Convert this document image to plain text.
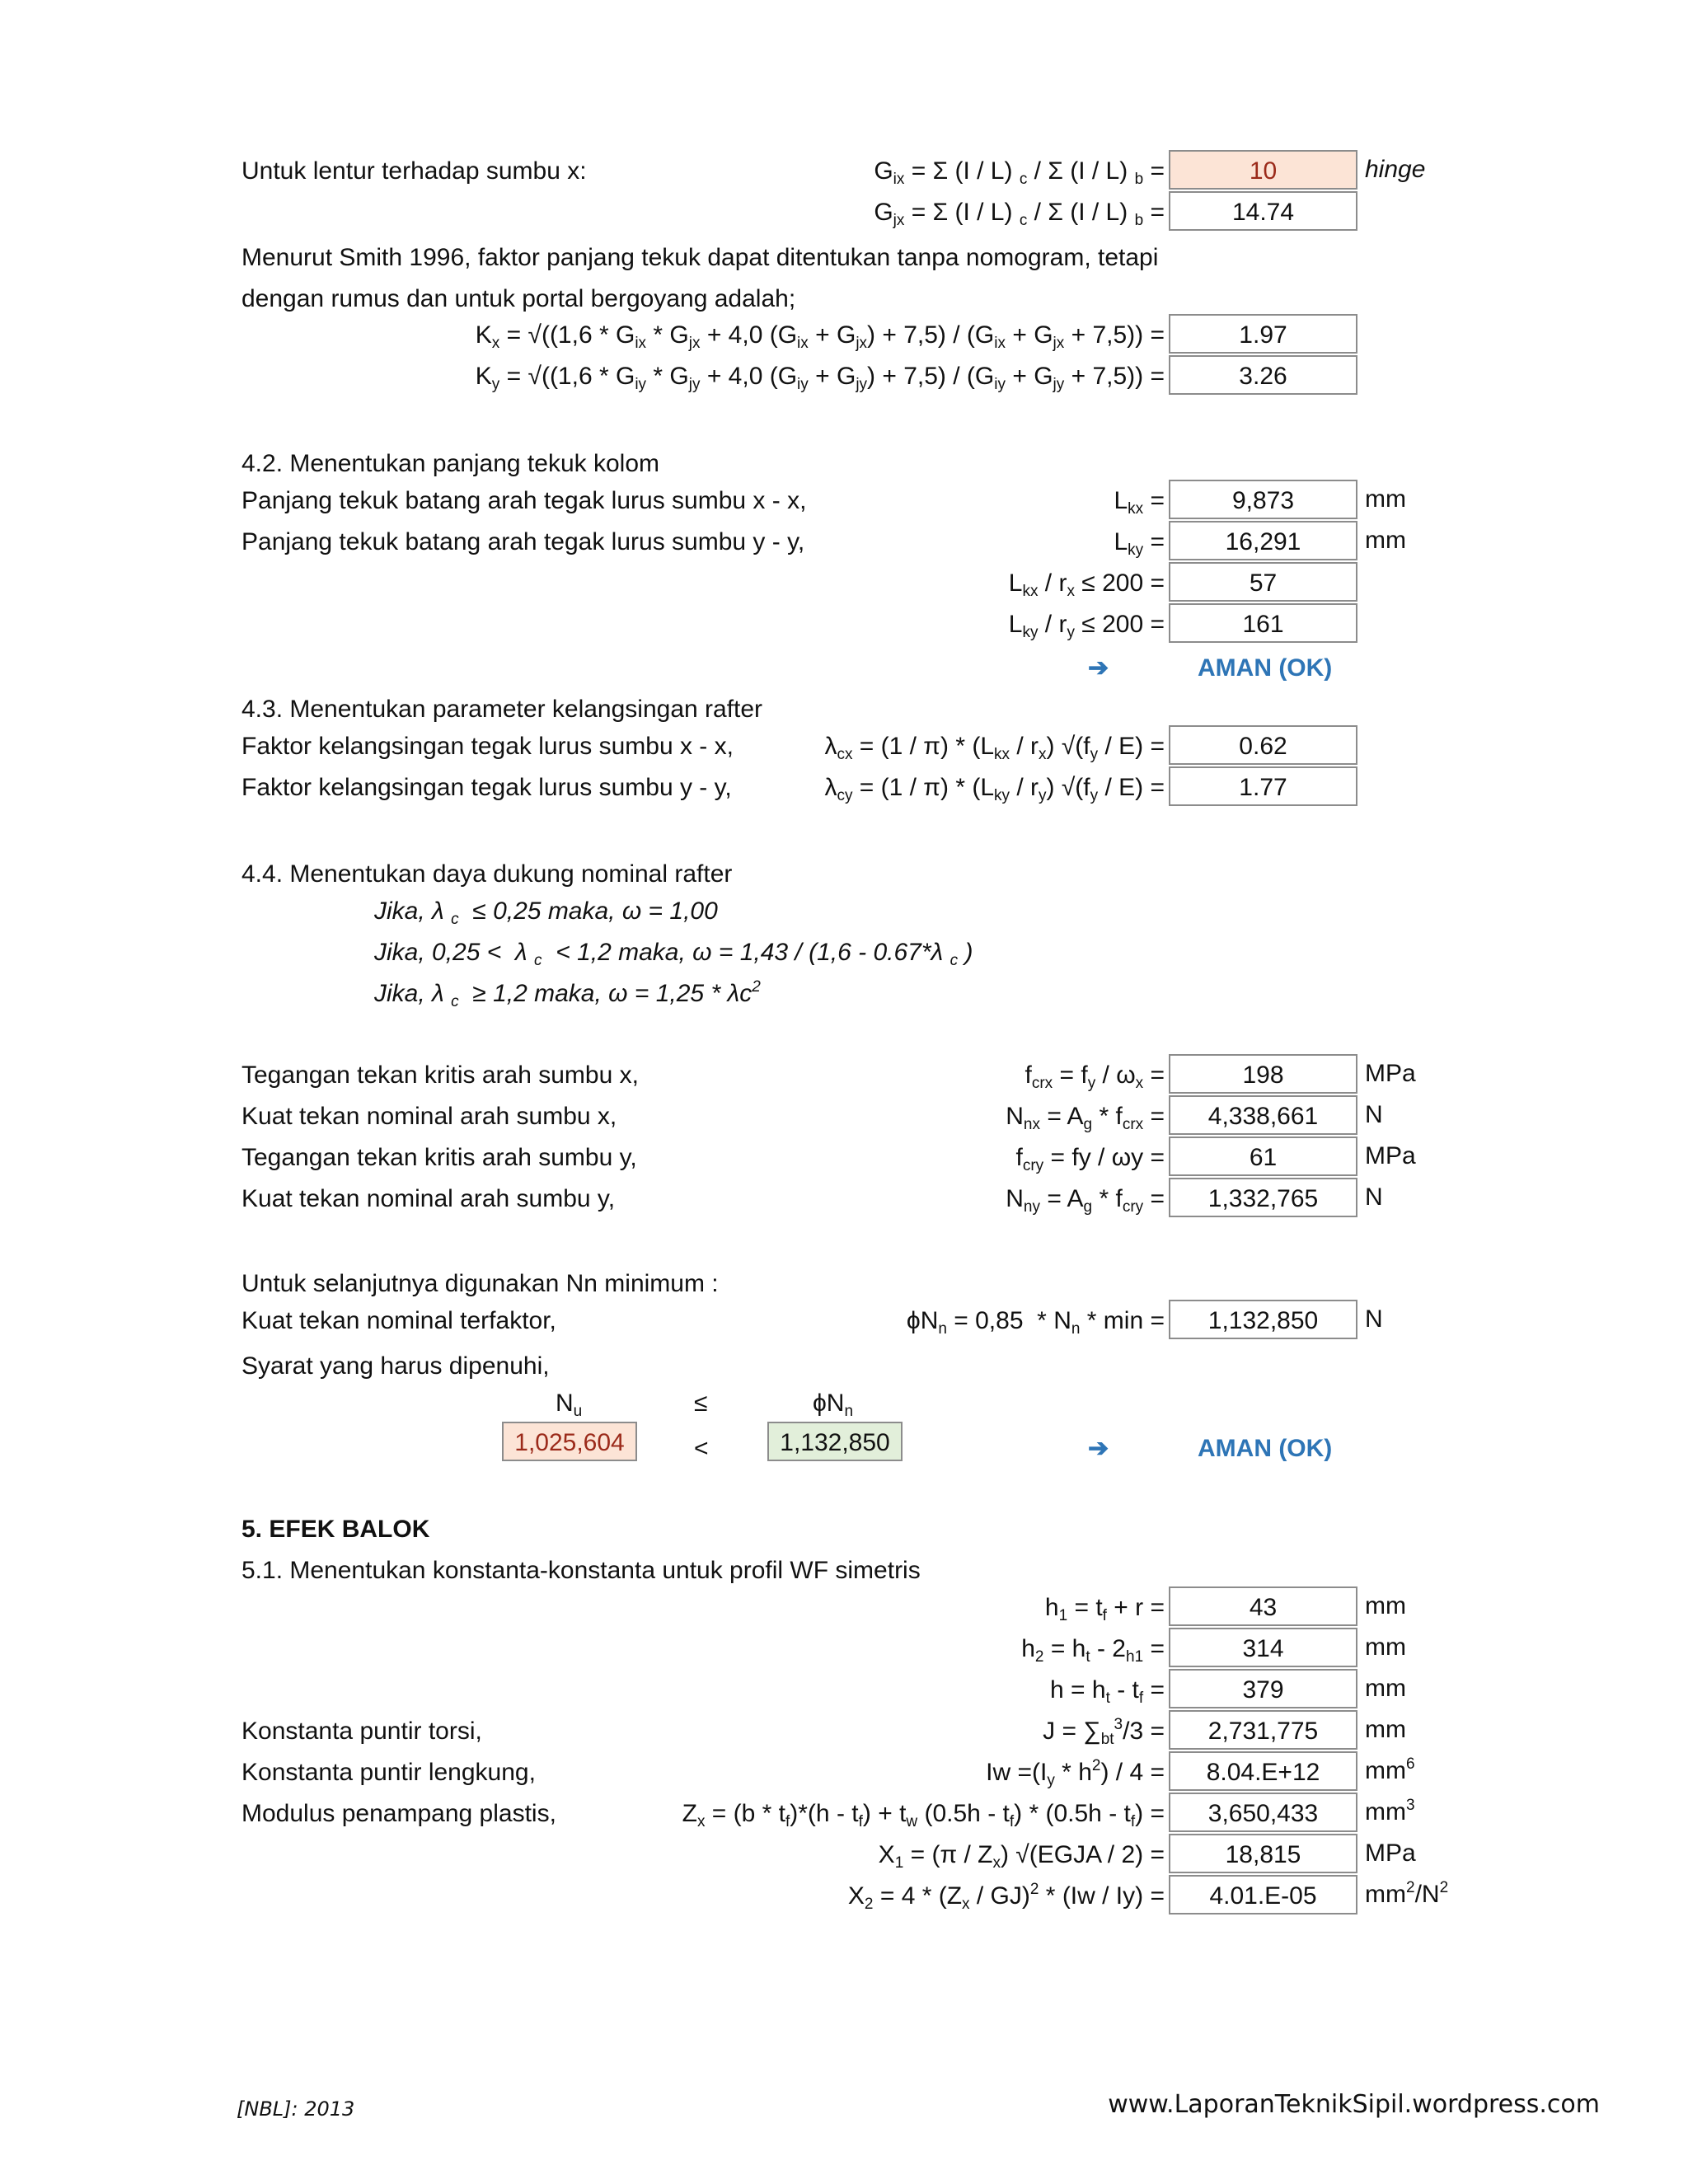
Untuk lentur terhadap sumbu x:	$G_{ix} = \Sigma$ (I / L) $_c$ / Σ (I / L) $_b$ =	10	hinge
$G_{jx} = \Sigma$ (I / L) $_c$ / Σ (I / L) $_b$ =	14.74
Menurut Smith 1996, faktor panjang tekuk dapat ditentukan tanpa nomogram, tetapi
dengan rumus dan untuk portal bergoyang adalah;
$K_x = √((1,6 * G_{ix} * G_{jx} + 4,0$ $(G_{ix} + G_{jx}) + 7,5) / (G_{ix} + G_{jx} + 7,5)$) =	1.97
$K_y = √((1,6 * G_{iy} * G_{jy} + 4,0$ $(G_{iy} + G_{jy}) + 7,5) / (G_{iy} + G_{jy} + 7,5)$) =	3.26
4.2. Menentukan panjang tekuk kolom
Panjang tekuk batang arah tegak lurus sumbu x - x,	$L_{kx}$ =	9,873	mm
Panjang tekuk batang arah tegak lurus sumbu y - y,	$L_{ky}$ =	16,291	mm
$L_{kx} / r_x \le 200$ =	57
$L_{ky} / r_y \le 200$ =	161
➔	AMAN (OK)
4.3. Menentukan parameter kelangsingan rafter
Faktor kelangsingan tegak lurus sumbu x - x,	$\lambda_{cx} = (1 / \pi) * (L_{kx} / r_x)$ $√(f_y / E)$ =	0.62
Faktor kelangsingan tegak lurus sumbu y - y,	$\lambda_{cy} = (1 / \pi) * (L_{ky} / r_y)$ $√(f_y / E)$ =	1.77
4.4. Menentukan daya dukung nominal rafter
Jika, λ $_c$  ≤ 0,25 maka, ω = 1,00
Jika, 0,25 <  λ $_c$  < 1,2 maka, ω = 1,43 / (1,6 - 0.67*λ $_c$ )
Jika, λ $_c$  ≥ 1,2 maka, $\omega = 1,25 * \lambda c^2$
Tegangan tekan kritis arah sumbu x,	$f_{crx} = f_y / \omega_x$ =	198	MPa
Kuat tekan nominal arah sumbu x,	$N_{nx} = A_g * f_{crx}$ =	4,338,661	N
Tegangan tekan kritis arah sumbu y,	$f_{cry}$ = fy / ωy =	61	MPa
Kuat tekan nominal arah sumbu y,	$N_{ny} = A_g * f_{cry}$ =	1,332,765	N
Untuk selanjutnya digunakan Nn minimum :
Kuat tekan nominal terfaktor,	$\phi N_n = 0,85 * N_n * \min$ =	1,132,850	N
Syarat yang harus dipenuhi,
$N_u$	≤	$\phi N_n$
1,025,604	<	1,132,850	➔	AMAN (OK)
5. EFEK BALOK
5.1. Menentukan konstanta-konstanta untuk profil WF simetris
$h_1 = t_f + r$ =	43	mm
$h_2 = h_t - 2_{h1}$ =	314	mm
$h = h_t - t_f$ =	379	mm
Konstanta puntir torsi,	$J = \sum_{bt}^3/3$ =	2,731,775	mm
Konstanta puntir lengkung,	$Iw =(I_y * h^2) / 4$ =	8.04.E+12	$mm^6$
Modulus penampang plastis,	$Z_x = (b * t_f)*(h - t_f) + t_w$ $(0.5h - t_f) * (0.5h - t_f)$ =	3,650,433	$mm^3$
$X_1 = (\pi / Z_x)$ √(EGJA / 2) =	18,815	MPa
$X_2 = 4 * (Z_x / GJ)^2 * (Iw / Iy)$ =	4.01.E-05	$mm^2/N^2$
[NBL]: 2013	www.LaporanTeknikSipil.wordpress.com
